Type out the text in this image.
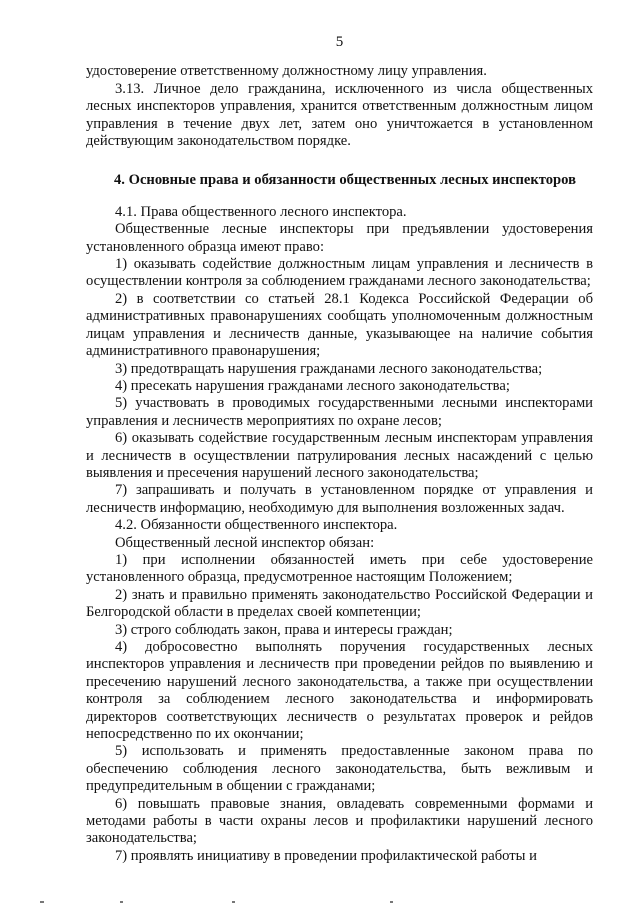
5

удостоверение ответственному должностному лицу управления.

3.13. Личное дело гражданина, исключенного из числа общественных лесных инспекторов управления, хранится ответственным должностным лицом управления в течение двух лет, затем оно уничтожается в установленном действующим законодательством порядке.

4. Основные права и обязанности общественных лесных инспекторов

4.1. Права общественного лесного инспектора.

Общественные лесные инспекторы при предъявлении удостоверения установленного образца имеют право:

1) оказывать содействие должностным лицам управления и лесничеств в осуществлении контроля за соблюдением гражданами лесного законодательства;

2) в соответствии со статьей 28.1 Кодекса Российской Федерации об административных правонарушениях сообщать уполномоченным должностным лицам управления и лесничеств данные, указывающее на наличие события административного правонарушения;

3) предотвращать нарушения гражданами лесного законодательства;

4) пресекать нарушения гражданами лесного законодательства;

5) участвовать в проводимых государственными лесными инспекторами управления и лесничеств мероприятиях по охране лесов;

6) оказывать содействие государственным лесным инспекторам управления и лесничеств в осуществлении патрулирования лесных насаждений с целью выявления и пресечения нарушений лесного законодательства;

7) запрашивать и получать в установленном порядке от управления и лесничеств информацию, необходимую для выполнения возложенных задач.

4.2. Обязанности общественного инспектора.

Общественный лесной инспектор обязан:

1) при исполнении обязанностей иметь при себе удостоверение установленного образца, предусмотренное настоящим Положением;

2) знать и правильно применять законодательство Российской Федерации и Белгородской области в пределах своей компетенции;

3) строго соблюдать закон, права и интересы граждан;

4) добросовестно выполнять поручения государственных лесных инспекторов управления и лесничеств при проведении рейдов по выявлению и пресечению нарушений лесного законодательства, а также при осуществлении контроля за соблюдением лесного законодательства и информировать директоров соответствующих лесничеств о результатах проверок и рейдов непосредственно по их окончании;

5) использовать и применять предоставленные законом права по обеспечению соблюдения лесного законодательства, быть вежливым и предупредительным в общении с гражданами;

6) повышать правовые знания, овладевать современными формами и методами работы в части охраны лесов и профилактики нарушений лесного законодательства;

7) проявлять инициативу в проведении профилактической работы и
